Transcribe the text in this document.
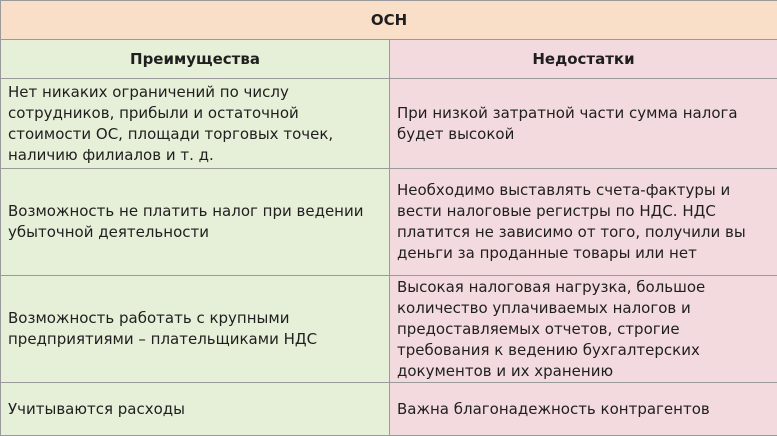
ОСН	
Преимущества	Недостатки
Нет никаких ограничений по числу сотрудников, прибыли и остаточной стоимости ОС, площади торговых точек, наличию филиалов и т. д.	При низкой затратной части сумма налога будет высокой
Возможность не платить налог при ведении убыточной деятельности	Необходимо выставлять счета-фактуры и вести налоговые регистры по НДС. НДС платится не зависимо от того, получили вы деньги за проданные товары или нет
Возможность работать с крупными предприятиями – плательщиками НДС	Высокая налоговая нагрузка, большое количество уплачиваемых налогов и предоставляемых отчетов, строгие требования к ведению бухгалтерских документов и их хранению
Учитываются расходы	Важна благонадежность контрагентов
